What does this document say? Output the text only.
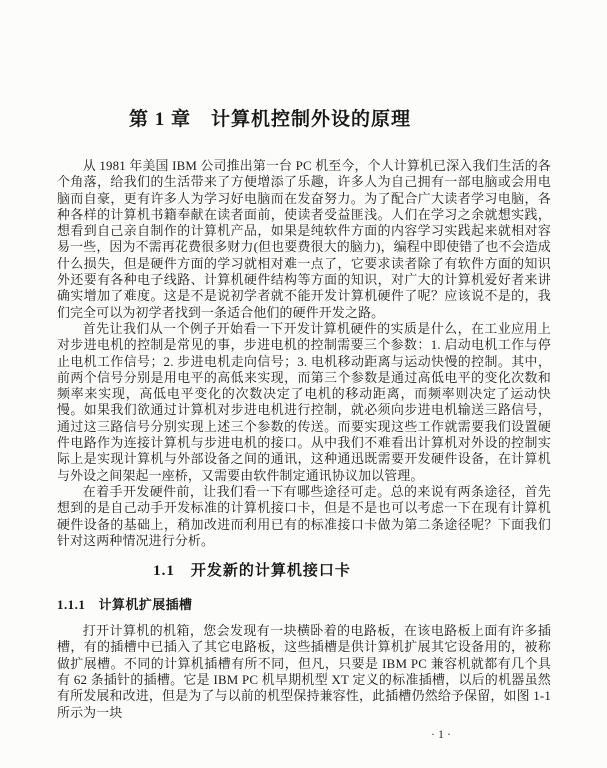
第 1 章　计算机控制外设的原理

从 1981 年美国 IBM 公司推出第一台 PC 机至今，个人计算机已深入我们生活的各个角落，给我们的生活带来了方便增添了乐趣，许多人为自己拥有一部电脑或会用电脑而自豪，更有许多人为学习好电脑而在发奋努力。为了配合广大读者学习电脑，各种各样的计算机书籍奉献在读者面前，使读者受益匪浅。人们在学习之余就想实践，想看到自己亲自制作的计算机产品，如果是纯软件方面的内容学习实践起来就相对容易一些，因为不需再花费很多财力(但也要费很大的脑力)，编程中即使错了也不会造成什么损失，但是硬件方面的学习就相对难一点了，它要求读者除了有软件方面的知识外还要有各种电子线路、计算机硬件结构等方面的知识，对广大的计算机爱好者来讲确实增加了难度。这是不是说初学者就不能开发计算机硬件了呢？应该说不是的，我们完全可以为初学者找到一条适合他们的硬件开发之路。

首先让我们从一个例子开始看一下开发计算机硬件的实质是什么，在工业应用上对步进电机的控制是常见的事，步进电机的控制需要三个参数：1. 启动电机工作与停止电机工作信号；2. 步进电机走向信号；3. 电机移动距离与运动快慢的控制。其中，前两个信号分别是用电平的高低来实现，而第三个参数是通过高低电平的变化次数和频率来实现，高低电平变化的次数决定了电机的移动距离，而频率则决定了运动快慢。如果我们欲通过计算机对步进电机进行控制，就必须向步进电机输送三路信号，通过这三路信号分别实现上述三个参数的传送。而要实现这些工作就需要我们设置硬件电路作为连接计算机与步进电机的接口。从中我们不难看出计算机对外设的控制实际上是实现计算机与外部设备之间的通讯，这种通迅既需要开发硬件设备，在计算机与外设之间架起一座桥，又需要由软件制定通讯协议加以管理。

在着手开发硬件前，让我们看一下有哪些途径可走。总的来说有两条途径，首先想到的是自己动手开发标准的计算机接口卡，但是不是也可以考虑一下在现有计算机硬件设备的基础上，稍加改进而利用已有的标准接口卡做为第二条途径呢？下面我们针对这两种情况进行分析。

1.1　开发新的计算机接口卡
1.1.1　计算机扩展插槽

打开计算机的机箱，您会发现有一块横卧着的电路板，在该电路板上面有许多插槽，有的插槽中已插入了其它电路板，这些插槽是供计算机扩展其它设备用的，被称做扩展槽。不同的计算机插槽有所不同，但凡，只要是 IBM PC 兼容机就都有几个具有 62 条插针的插槽。它是 IBM PC 机早期机型 XT 定义的标准插槽，以后的机器虽然有所发展和改进，但是为了与以前的机型保持兼容性，此插槽仍然给予保留，如图 1-1 所示为一块

· 1 ·
